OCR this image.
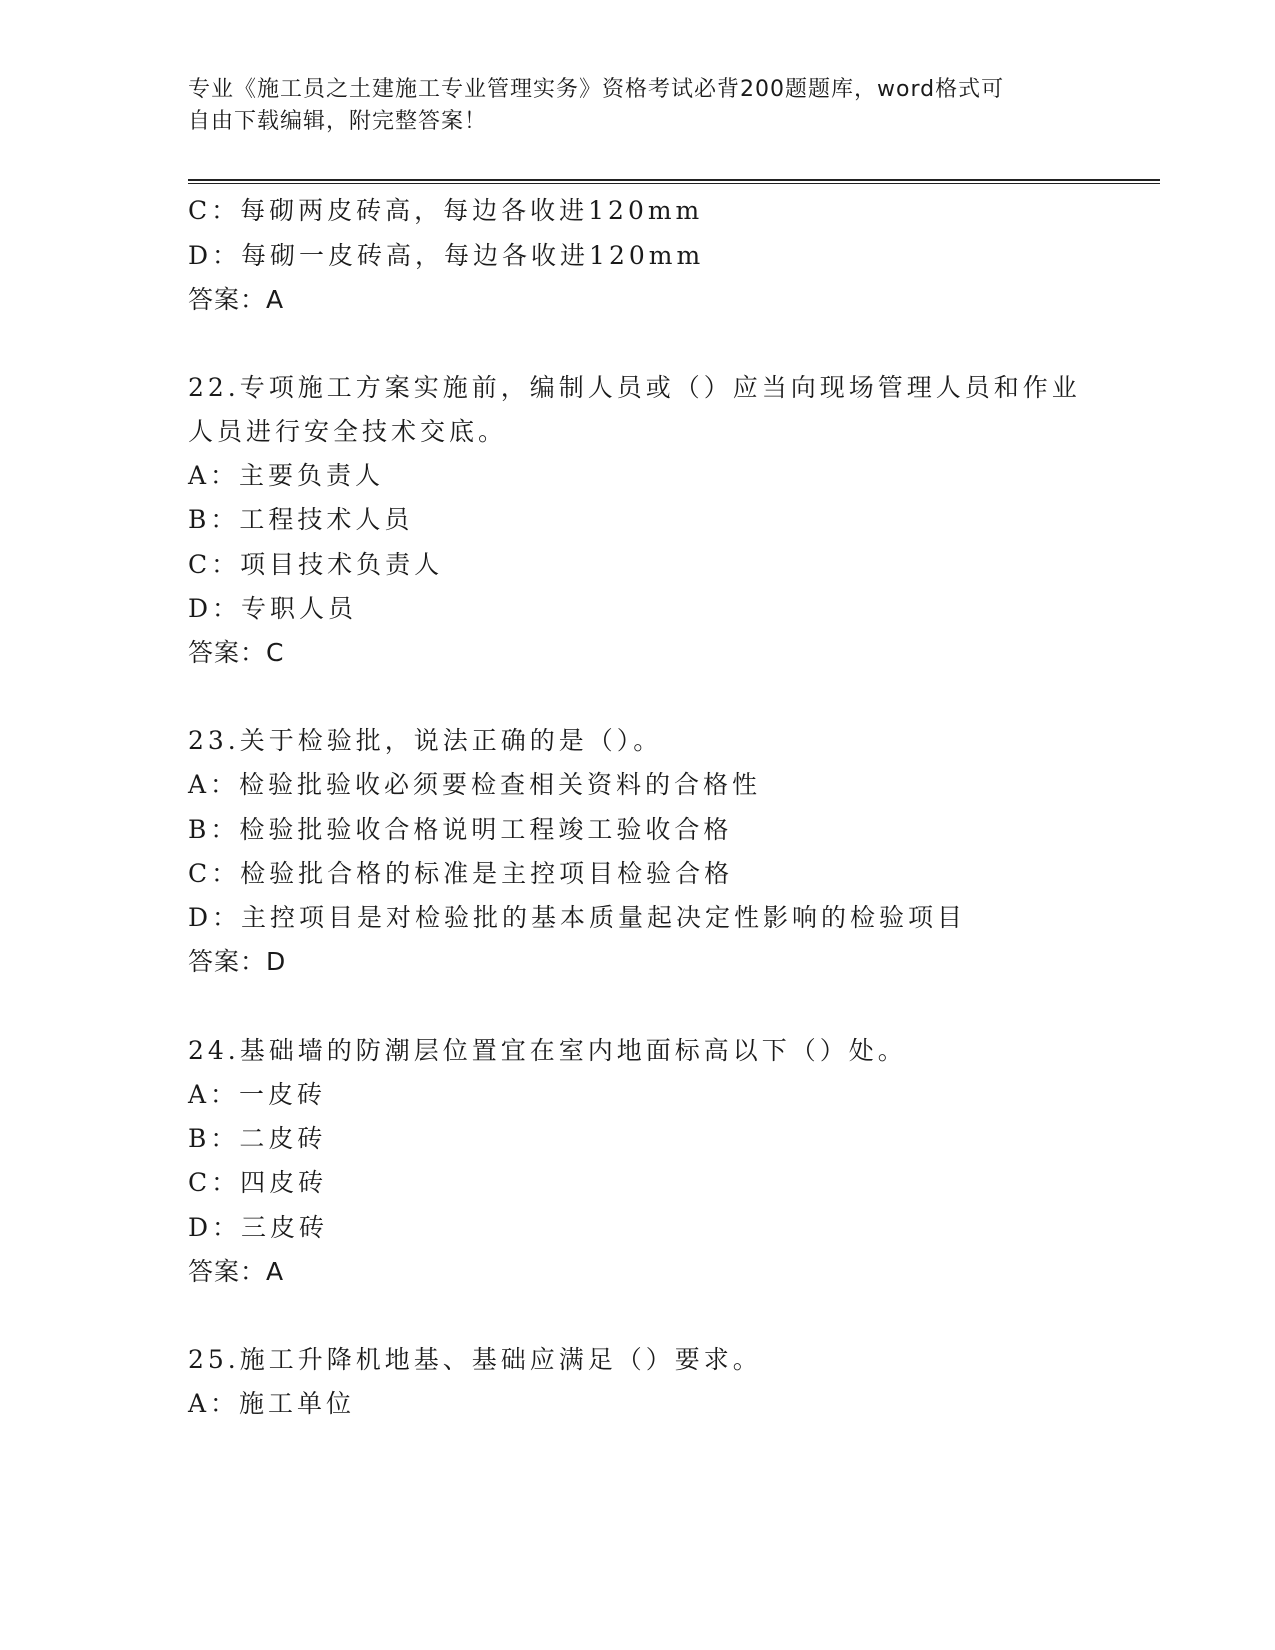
专业《施工员之土建施工专业管理实务》资格考试必背200题题库，word格式可
自由下载编辑，附完整答案！
C：每砌两皮砖高，每边各收进120mm
D：每砌一皮砖高，每边各收进120mm
答案：A
22.专项施工方案实施前，编制人员或（）应当向现场管理人员和作业
人员进行安全技术交底。
A：主要负责人
B：工程技术人员
C：项目技术负责人
D：专职人员
答案：C
23.关于检验批，说法正确的是（）。
A：检验批验收必须要检查相关资料的合格性
B：检验批验收合格说明工程竣工验收合格
C：检验批合格的标准是主控项目检验合格
D：主控项目是对检验批的基本质量起决定性影响的检验项目
答案：D
24.基础墙的防潮层位置宜在室内地面标高以下（）处。
A：一皮砖
B：二皮砖
C：四皮砖
D：三皮砖
答案：A
25.施工升降机地基、基础应满足（）要求。
A：施工单位
